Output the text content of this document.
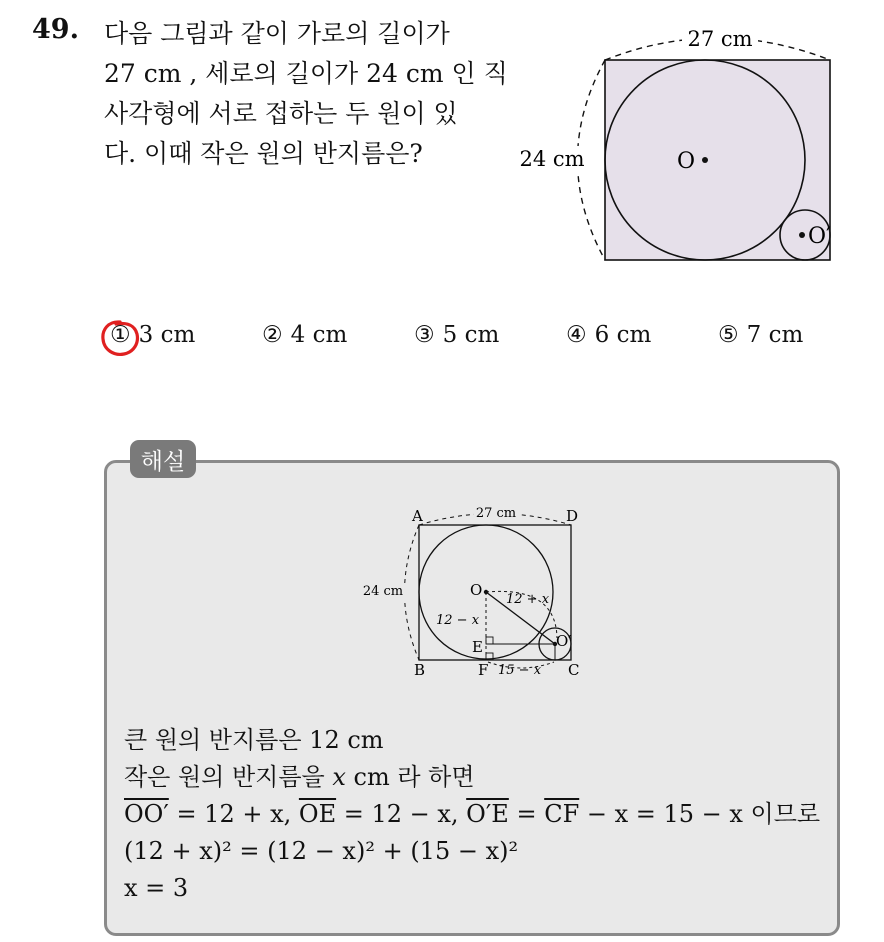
49. 다음 그림과 같이 가로의 길이가
27 cm , 세로의 길이가 24 cm 인 직
사각형에 서로 접하는 두 원이 있
다. 이때 작은 원의 반지름은?
27 cm
24 cm	O
O′
① 3 cm	② 4 cm	③ 5 cm	④ 6 cm	⑤ 7 cm
해설
A	D
B	C
F
E
O
O′
27 cm
24 cm
12 + x
12 − x
15 − x
큰 원의 반지름은 12 cm
작은 원의 반지름을 x cm 라 하면
OO′ = 12 + x, $\overline{OE} = 12 - x$, $O'E = \overline{CF} - x = 15 - x$ 이므로
(12 + x)² = (12 − x)² + (15 − x)²
x = 3
